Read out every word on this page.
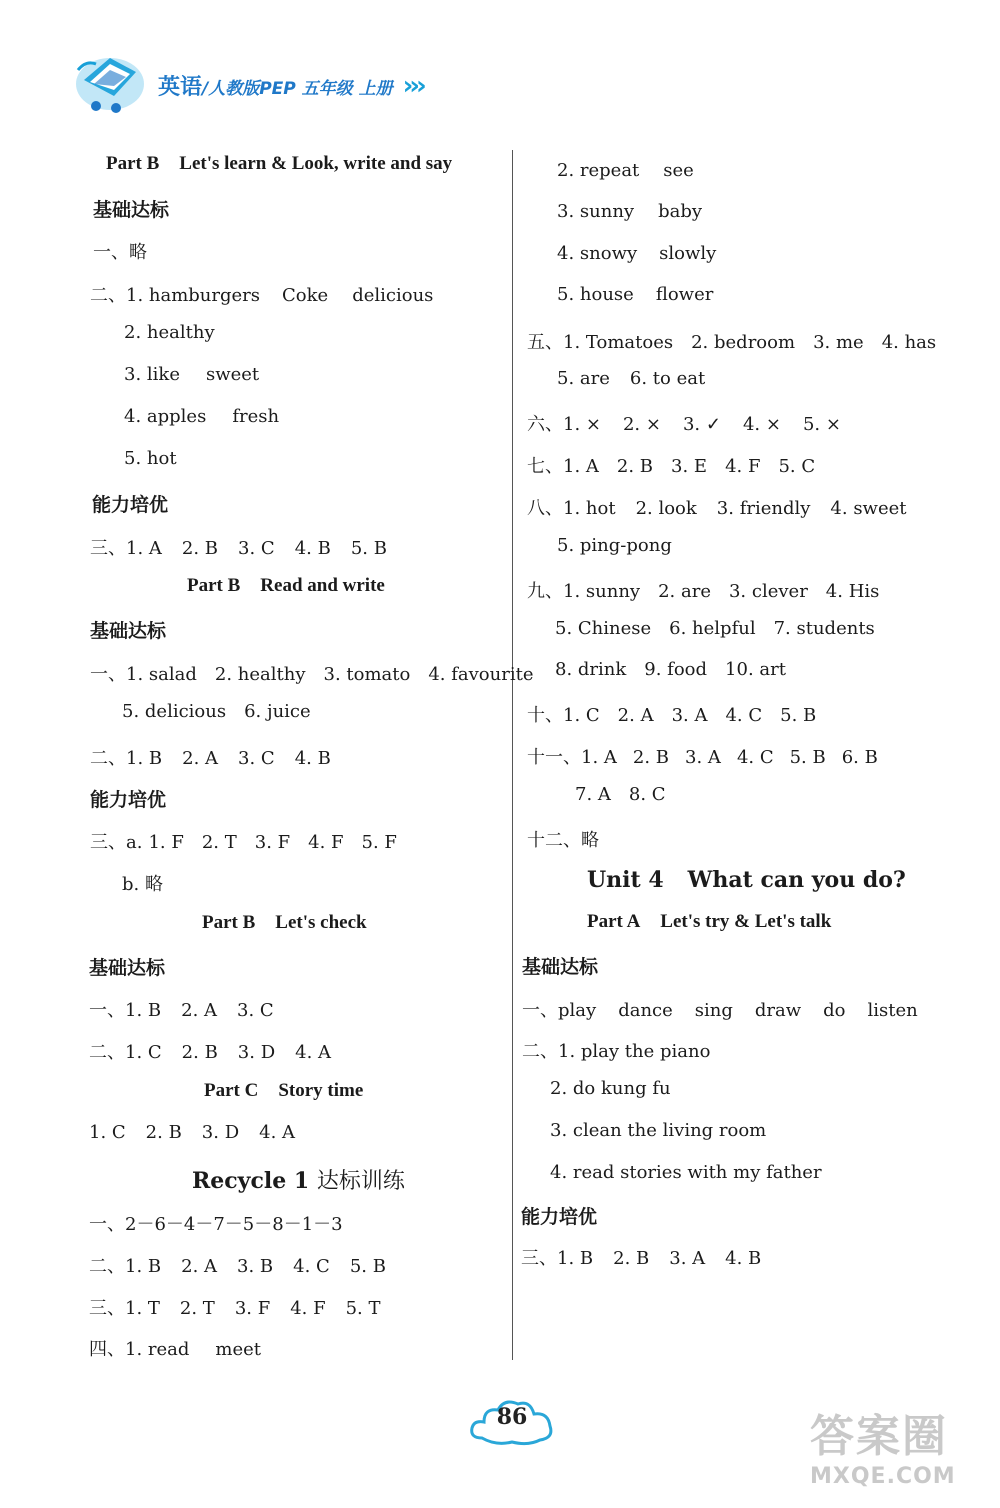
英语/人教版PEP 五年级 上册 ›››
Part B Let's learn & Look, write and say
基础达标
一、略
二、1. hamburgers Coke delicious
2. healthy
3. like sweet
4. apples fresh
5. hot
能力培优
三、1. A 2. B 3. C 4. B 5. B
Part B Read and write
基础达标
一、1. salad 2. healthy 3. tomato 4. favourite
5. delicious 6. juice
二、1. B 2. A 3. C 4. B
能力培优
三、a. 1. F 2. T 3. F 4. F 5. F
b. 略
Part B Let's check
基础达标
一、1. B 2. A 3. C
二、1. C 2. B 3. D 4. A
Part C Story time
1. C 2. B 3. D 4. A
Recycle 1 达标训练
一、2－6－4－7－5－8－1－3
二、1. B 2. A 3. B 4. C 5. B
三、1. T 2. T 3. F 4. F 5. T
四、1. read meet
2. repeat see
3. sunny baby
4. snowy slowly
5. house flower
五、1. Tomatoes 2. bedroom 3. me 4. has
5. are 6. to eat
六、1. × 2. × 3. ✓ 4. × 5. ×
七、1. A 2. B 3. E 4. F 5. C
八、1. hot 2. look 3. friendly 4. sweet
5. ping-pong
九、1. sunny 2. are 3. clever 4. His
5. Chinese 6. helpful 7. students
8. drink 9. food 10. art
十、1. C 2. A 3. A 4. C 5. B
十一、1. A 2. B 3. A 4. C 5. B 6. B
7. A 8. C
十二、略
Unit 4 What can you do?
Part A Let's try & Let's talk
基础达标
一、play dance sing draw do listen
二、1. play the piano
2. do kung fu
3. clean the living room
4. read stories with my father
能力培优
三、1. B 2. B 3. A 4. B
86	答案圈
MXQE.COM
